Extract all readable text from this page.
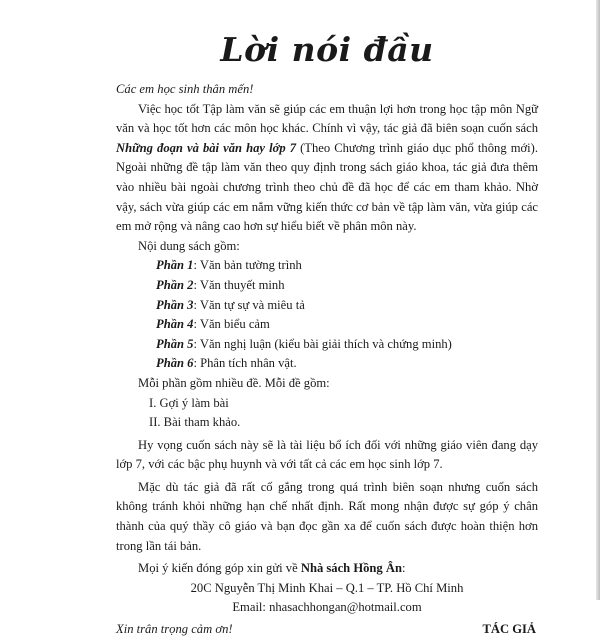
Lời nói đầu

Các em học sinh thân mến!

Việc học tốt Tập làm văn sẽ giúp các em thuận lợi hơn trong học tập môn Ngữ văn và học tốt hơn các môn học khác. Chính vì vậy, tác giả đã biên soạn cuốn sách Những đoạn và bài văn hay lớp 7 (Theo Chương trình giáo dục phổ thông mới). Ngoài những đề tập làm văn theo quy định trong sách giáo khoa, tác giả đưa thêm vào nhiều bài ngoài chương trình theo chủ đề đã học để các em tham khảo. Nhờ vậy, sách vừa giúp các em nắm vững kiến thức cơ bản về tập làm văn, vừa giúp các em mở rộng và nâng cao hơn sự hiểu biết về phân môn này.

Nội dung sách gồm:

Phần 1: Văn bản tường trình

Phần 2: Văn thuyết minh

Phần 3: Văn tự sự và miêu tả

Phần 4: Văn biểu cảm

Phần 5: Văn nghị luận (kiểu bài giải thích và chứng minh)

Phần 6: Phân tích nhân vật.

Mỗi phần gồm nhiều đề. Mỗi đề gồm:

I. Gợi ý làm bài

II. Bài tham khảo.

Hy vọng cuốn sách này sẽ là tài liệu bổ ích đối với những giáo viên đang dạy lớp 7, với các bậc phụ huynh và với tất cả các em học sinh lớp 7.

Mặc dù tác giả đã rất cố gắng trong quá trình biên soạn nhưng cuốn sách không tránh khỏi những hạn chế nhất định. Rất mong nhận được sự góp ý chân thành của quý thầy cô giáo và bạn đọc gần xa để cuốn sách được hoàn thiện hơn trong lần tái bản.

Mọi ý kiến đóng góp xin gửi về Nhà sách Hồng Ân:

20C Nguyễn Thị Minh Khai – Q.1 – TP. Hồ Chí Minh

Email: nhasachhongan@hotmail.com

Xin trân trọng cảm ơn!	TÁC GIẢ
